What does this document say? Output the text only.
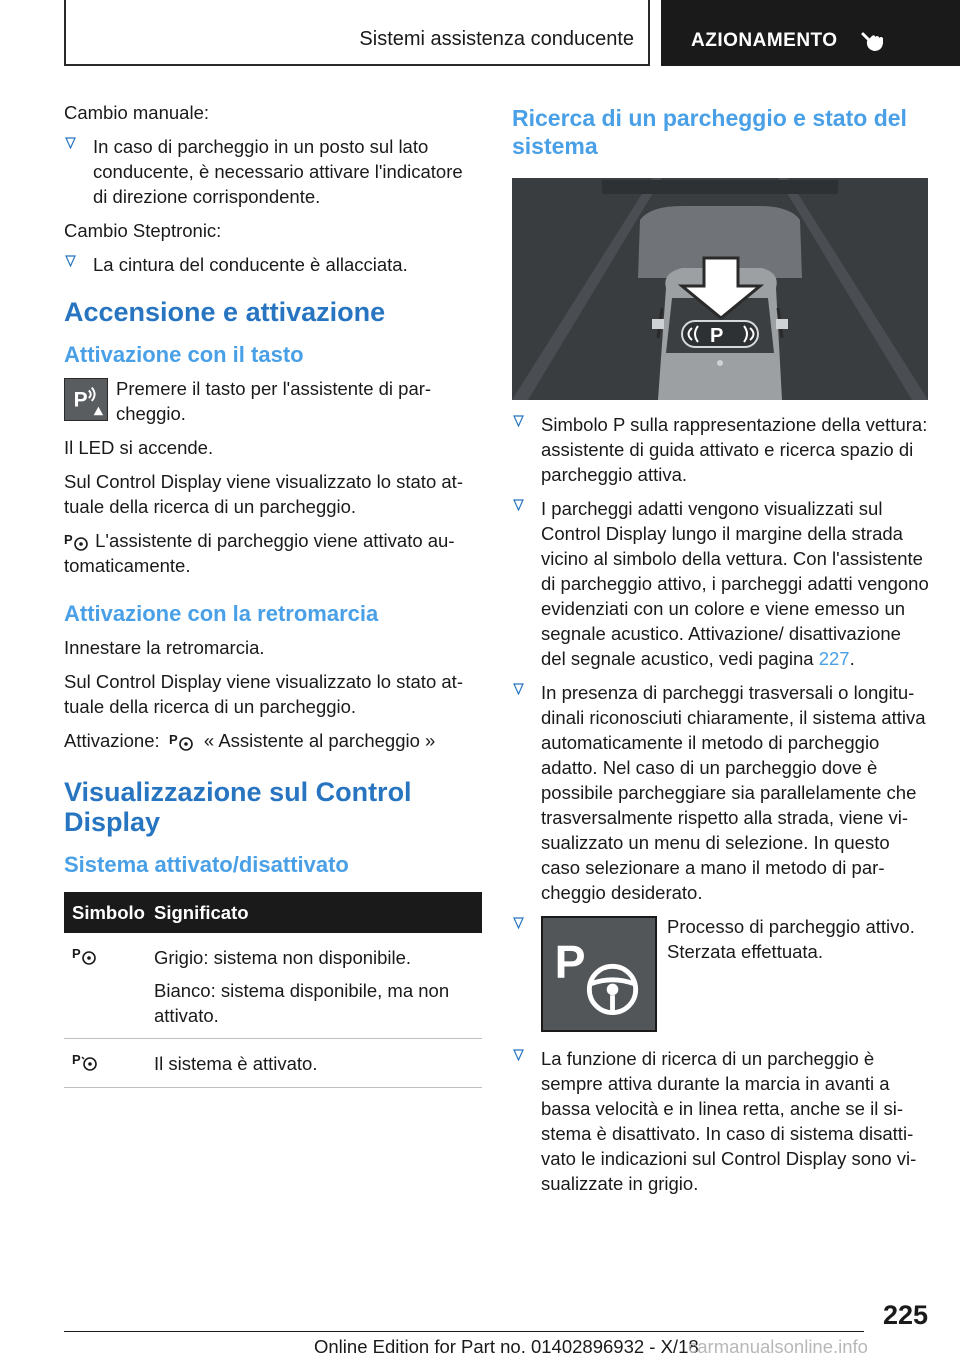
Sistemi assistenza conducente	AZIONAMENTO

Cambio manuale:

In caso di parcheggio in un posto sul lato conducente, è necessario attivare l'indicatore di direzione corrispondente.

Cambio Steptronic:

La cintura del conducente è allacciata.
Accensione e attivazione
Attivazione con il tasto
P
Premere il tasto per l'assistente di parcheggio.

Il LED si accende.

Sul Control Display viene visualizzato lo stato attuale della ricerca di un parcheggio.

P L'assistente di parcheggio viene attivato automaticamente.

Attivazione con la retromarcia

Innestare la retromarcia.

Sul Control Display viene visualizzato lo stato attuale della ricerca di un parcheggio.

Attivazione: P « Assistente al parcheggio »

Visualizzazione sul Control Display
Sistema attivato/disattivato
Simbolo	Significato

P	Grigio: sistema non disponibile.
Bianco: sistema disponibile, ma non attivato.

P	Il sistema è attivato.
Ricerca di un parcheggio e stato del sistema
P
Simbolo P sulla rappresentazione della vettura: assistente di guida attivato e ricerca spazio di parcheggio attiva.
I parcheggi adatti vengono visualizzati sul Control Display lungo il margine della strada vicino al simbolo della vettura. Con l'assistente di parcheggio attivo, i parcheggi adatti vengono evidenziati con un colore e viene emesso un segnale acustico. Attivazione/ disattivazione del segnale acustico, vedi pagina 227.
In presenza di parcheggi trasversali o longitudinali riconosciuti chiaramente, il sistema attiva automaticamente il metodo di parcheggio adatto. Nel caso di un parcheggio dove è possibile parcheggiare sia parallelamente che trasversalmente rispetto alla strada, viene visualizzato un menu di selezione. In questo caso selezionare a mano il metodo di parcheggio desiderato.
P
Processo di parcheggio attivo. Sterzata effettuata.
La funzione di ricerca di un parcheggio è sempre attiva durante la marcia in avanti a bassa velocità e in linea retta, anche se il sistema è disattivato. In caso di sistema disattivato le indicazioni sul Control Display sono visualizzate in grigio.
225
Online Edition for Part no. 01402896932 - X/18
carmanualsonline.info
